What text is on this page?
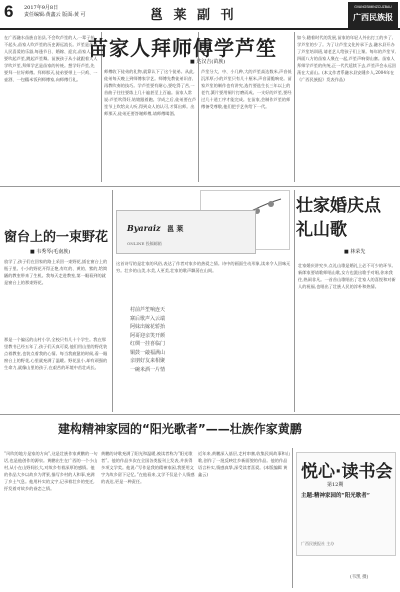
6 2017年9月8日
责任编辑:黄鑫云 版面:黄 可	邕 莱 副 刊
GVANGSIMINZCUZBAU
广西民族报
苗家人拜师傅学芦笙
■ 达汉吉(苗族)

在广西融水苗族自治县,不会吹芦笙的人,一辈子抬不起头,苗家人吹芦笙的历史源远流长。芦笙是苗族人民喜爱的乐器,每逢节日、婚嫁、迎宾,苗家人总要吹起芦笙,跳起芦笙舞。苗族孩子从小就跟着大人学吹芦笙,拜师学艺是苗家的传统。想学好芦笙,先要拜一位好师傅。拜师那天,徒弟要带上一只鸡、一壶酒、一包糯米饭到师傅家,向师傅行礼。

师傅收下徒弟的礼物,就算认下了这个徒弟。从此,徒弟每天晚上到师傅家学艺。师傅先教徒弟识音,再教吹奏的技巧。学芦笙要有耐心,要吃得了苦,一首曲子往往要练上几十遍甚至上百遍。苗家人常说:芦笙吹得好,姑娘跟着跑。学成之后,徒弟要在芦笙节上吹给众人听,得到众人的认可,才算出师。出师那天,徒弟还要答谢师傅,请师傅喝酒。

芦笙分大、中、小几种,大的芦笙高达数米,声音低沉浑厚;小的芦笙只有几十厘米,声音清脆响亮。苗家芦笙的制作也有讲究,选竹要选生长三年以上的老竹,簧片要用铜片打磨而成。一支好的芦笙,要经过几十道工序才能完成。在苗家,会制作芦笙的师傅备受尊敬,他们把手艺传给下一代。

如今,随着时代的发展,苗家的年轻人外出打工的多了,学芦笙的少了。为了让芦笙文化传承下去,融水县开办了芦笙培训班,请老艺人给孩子们上课。每年的芦笙节,四面八方的苗家人聚在一起,芦笙声响彻山寨。苗家人拜师学芦笙的传统,正一代代延续下去,芦笙声会永远回荡在大苗山。(本文作者系融水县安陲乡人,2004年在《广西民族报》发表作品)

窗台上的一束野花
■ 韦秀琴(毛南族)

放学了,孩子们在回家的路上采回一束野花,插在窗台上的瓶子里。小小的野花开得正艳,有红的、黄的、紫的,给简陋的教室带来了生机。我每天走进教室,第一眼看到的就是窗台上的那束野花。

那是一个偏远的山村小学,全校只有几十个学生。我在那里教书已经五年了,孩子们天真可爱,他们用山里的野花装点着教室,也装点着我的心情。每当我疲惫的时候,看一眼窗台上的野花,心里就充满了温暖。野花虽小,却有顽强的生命力,就像山里的孩子,在艰苦的环境中茁壮成长。

Byaraiz 邕 莱
ONLINE 投稿邮箱

这首诗写的是壮家的风俗,表达了作者对家乡的热爱之情。诗中的画面生动形象,读来令人回味无穷。壮乡的山美,水美,人更美,壮家的歌声飘荡在山间。

村前芦笙响连天

寨后歌声入云端

阿妹出嫁花轿抬

阿哥迎亲笑开颜

红绸一挂喜临门

铜鼓一敲福满山

亲朋好友来相聚

一碗米酒一片情

壮家婚庆点礼山歌
■ 林荣先

壮家婚庆讲究多,点礼山歌是婚礼上必不可少的环节。新郎家要请歌师唱山歌,女方也派出歌手对唱,你来我往,热闹非凡。一首首山歌唱出了壮家人的喜悦和对新人的祝福,也唱出了壮族人民的淳朴和热情。

建构精神家园的“阳光歌者”——壮族作家黄鹏

“风吹的地方是家的方向”,这是壮族作家黄鹏的一句话,也是他创作的源泉。黄鹏出生在广西的一个小山村,从小在山野间长大,对故乡有着深厚的感情。他的作品大多以故乡为背景,描写乡村的人和事,充满了乡土气息。他用朴实的文字,记录着壮乡的变迁,抒发着对故乡的眷恋之情。

黄鹏的诗歌充满了阳光和温暖,被读者称为“阳光歌者”。他的作品多次在全国各类报刊上发表,并获得多项文学奖。他说:“写作是我的精神家园,我要用文字为故乡留下记忆。”在他看来,文学不仅是个人情感的表达,更是一种责任。

近年来,黄鹏深入基层,走村串寨,收集民间故事和山歌,创作了一批反映壮乡新面貌的作品。他的作品语言朴实,情感真挚,深受读者喜爱。(本版编辑 黄鑫云)	悦心·读书会
第12期
主题:精神家园的“阳光歌者”
广西民族报社 主办
(韦凯 摄)
